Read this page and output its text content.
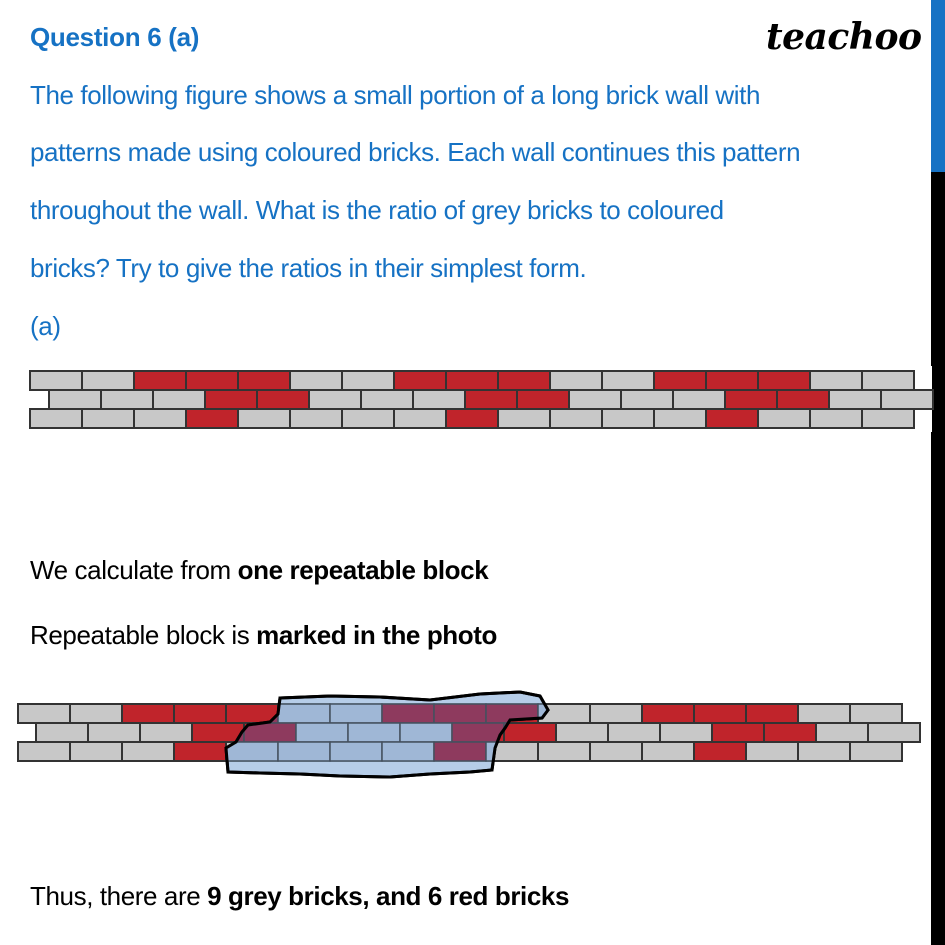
Question 6 (a)	teachoo
The following figure shows a small portion of a long brick wall with
patterns made using coloured bricks. Each wall continues this pattern
throughout the wall. What is the ratio of grey bricks to coloured
bricks? Try to give the ratios in their simplest form.
(a)
We calculate from one repeatable block
Repeatable block is marked in the photo
Thus, there are 9 grey bricks, and 6 red bricks
